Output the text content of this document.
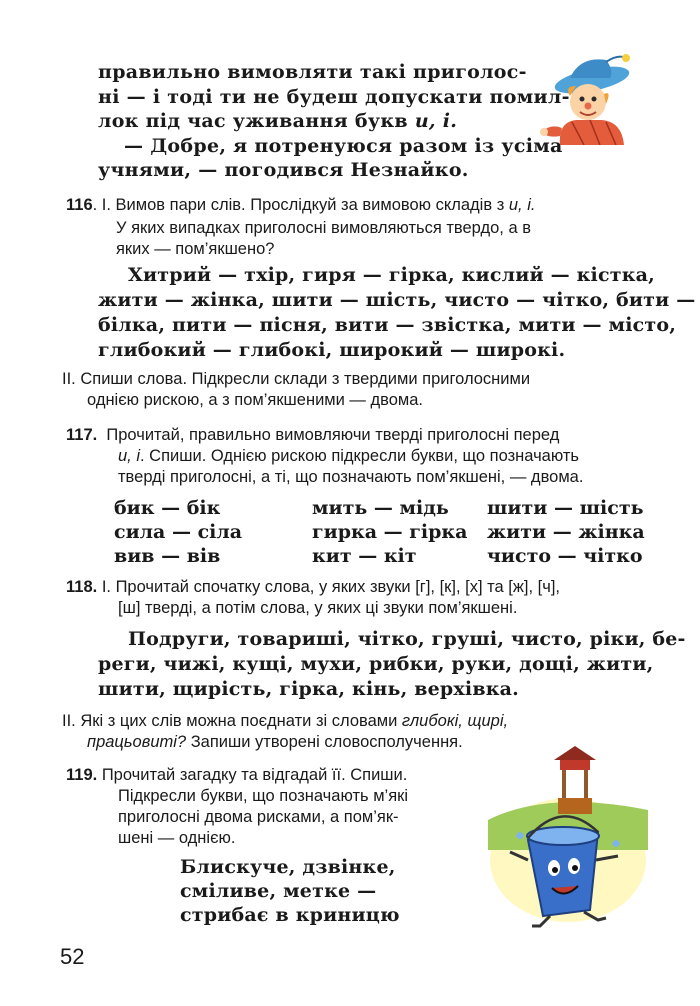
правильно вимовляти такі приголос-
ні — і тоді ти не будеш допускати помил-
лок під час уживання букв и, і.
— Добре, я потренуюся разом із усіма
учнями, — погодився Незнайко.
116. І. Вимов пари слів. Прослідкуй за вимовою складів з и, і.
У яких випадках приголосні вимовляються твердо, а в
яких — пом’якшено?
Хитрий — тхір, гиря — гірка, кислий — кістка,
жити — жінка, шити — шість, чисто — чітко, бити —
білка, пити — пісня, вити — звістка, мити — місто,
глибокий — глибокі, широкий — широкі.
ІІ. Спиши слова. Підкресли склади з твердими приголосними
однією рискою, а з пом’якшеними — двома.
117. Прочитай, правильно вимовляючи тверді приголосні перед
и, і. Спиши. Однією рискою підкресли букви, що позначають
тверді приголосні, а ті, що позначають пом’якшені, — двома.
бик — бік	мить — мідь шити — шість
сила — сіла	гирка — гірка жити — жінка
вив — вів	кит — кіт	чисто — чітко
118. І. Прочитай спочатку слова, у яких звуки [г], [к], [х] та [ж], [ч],
[ш] тверді, а потім слова, у яких ці звуки пом’якшені.
Подруги, товариші, чітко, груші, чисто, ріки, бе-
реги, чижі, кущі, мухи, рибки, руки, дощі, жити,
шити, щирість, гірка, кінь, верхівка.
ІІ. Які з цих слів можна поєднати зі словами глибокі, щирі,
працьовиті? Запиши утворені словосполучення.
119. Прочитай загадку та відгадай її. Спиши.
Підкресли букви, що позначають м’які
приголосні двома рисками, а пом’як-
шені — однією.
Блискуче, дзвінке,
сміливе, метке —
стрибає в криницю
52
